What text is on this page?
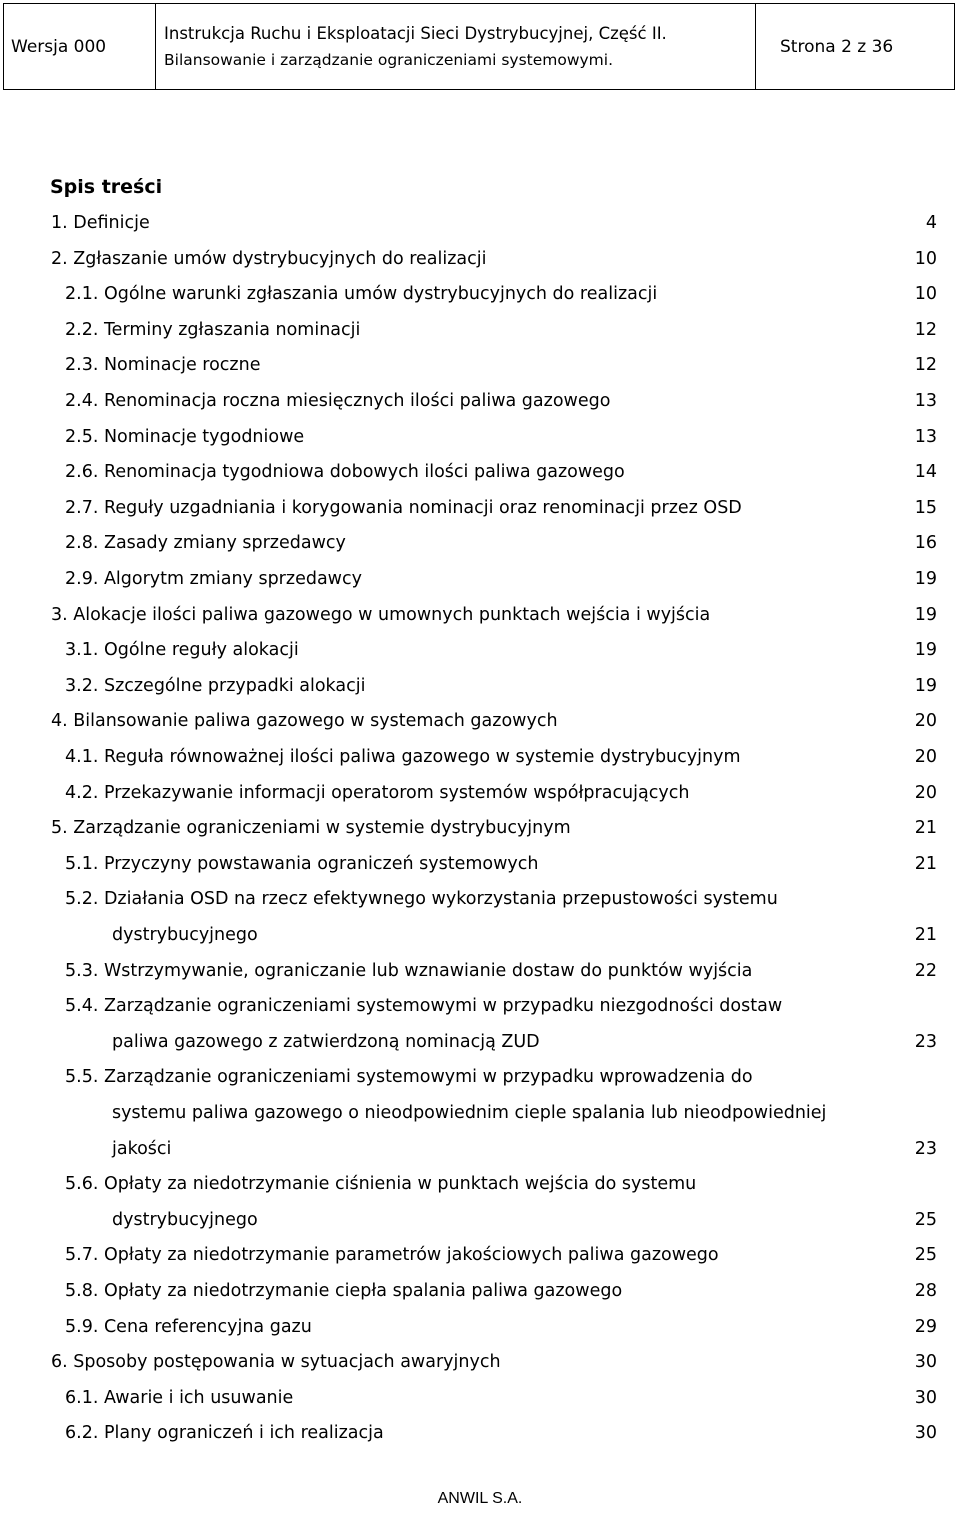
Wersja 000
Instrukcja Ruchu i Eksploatacji Sieci Dystrybucyjnej, Część II.
Bilansowanie i zarządzanie ograniczeniami systemowymi.
Strona 2 z 36
Spis treści
1. Definicje	4
2. Zgłaszanie umów dystrybucyjnych do realizacji	10
2.1. Ogólne warunki zgłaszania umów dystrybucyjnych do realizacji	10
2.2. Terminy zgłaszania nominacji	12
2.3. Nominacje roczne	12
2.4. Renominacja roczna miesięcznych ilości paliwa gazowego	13
2.5. Nominacje tygodniowe	13
2.6. Renominacja tygodniowa dobowych ilości paliwa gazowego	14
2.7. Reguły uzgadniania i korygowania nominacji oraz renominacji przez OSD	15
2.8. Zasady zmiany sprzedawcy	16
2.9. Algorytm zmiany sprzedawcy	19
3. Alokacje ilości paliwa gazowego w umownych punktach wejścia i wyjścia	19
3.1. Ogólne reguły alokacji	19
3.2. Szczególne przypadki alokacji	19
4. Bilansowanie paliwa gazowego w systemach gazowych	20
4.1. Reguła równoważnej ilości paliwa gazowego w systemie dystrybucyjnym	20
4.2. Przekazywanie informacji operatorom systemów współpracujących	20
5. Zarządzanie ograniczeniami w systemie dystrybucyjnym	21
5.1. Przyczyny powstawania ograniczeń systemowych	21
5.2. Działania OSD na rzecz efektywnego wykorzystania przepustowości systemu
dystrybucyjnego	21
5.3. Wstrzymywanie, ograniczanie lub wznawianie dostaw do punktów wyjścia	22
5.4. Zarządzanie ograniczeniami systemowymi w przypadku niezgodności dostaw
paliwa gazowego z zatwierdzoną nominacją ZUD	23
5.5. Zarządzanie ograniczeniami systemowymi w przypadku wprowadzenia do
systemu paliwa gazowego o nieodpowiednim cieple spalania lub nieodpowiedniej
jakości	23
5.6. Opłaty za niedotrzymanie ciśnienia w punktach wejścia do systemu
dystrybucyjnego	25
5.7. Opłaty za niedotrzymanie parametrów jakościowych paliwa gazowego	25
5.8. Opłaty za niedotrzymanie ciepła spalania paliwa gazowego	28
5.9. Cena referencyjna gazu	29
6. Sposoby postępowania w sytuacjach awaryjnych	30
6.1. Awarie i ich usuwanie	30
6.2. Plany ograniczeń i ich realizacja	30
ANWIL S.A.
